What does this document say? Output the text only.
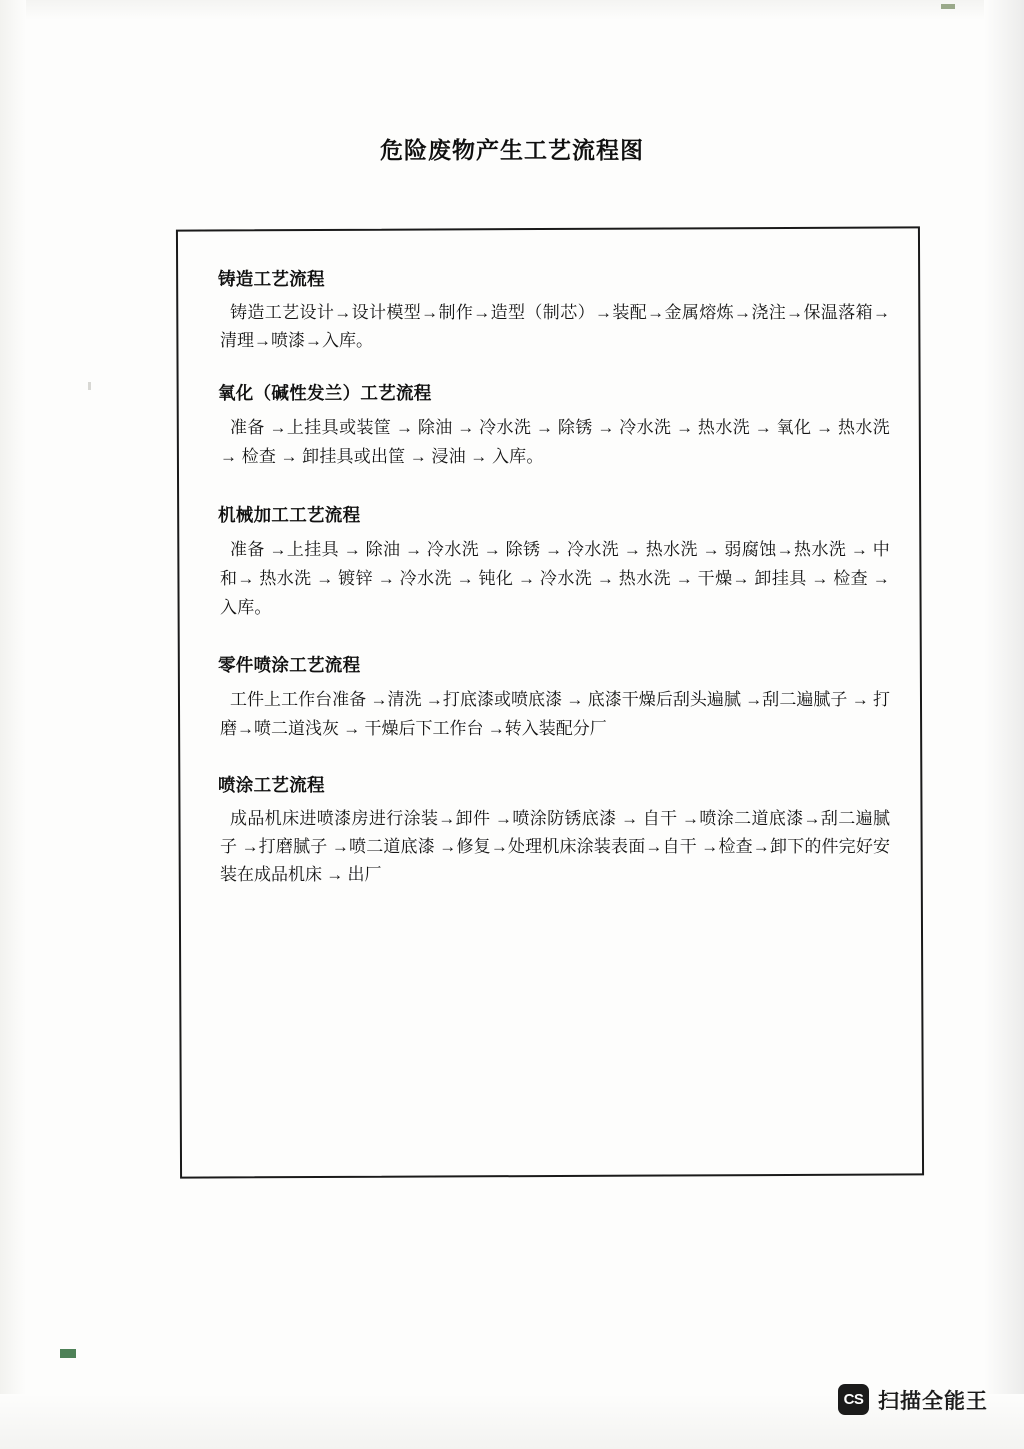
危险废物产生工艺流程图
铸造工艺流程

铸造工艺设计→设计模型→制作→造型（制芯）→装配→金属熔炼→浇注→保温落箱→清理→喷漆→入库。

氧化（碱性发兰）工艺流程

准备 →上挂具或装筐 → 除油 → 冷水洗 → 除锈 → 冷水洗 → 热水洗 → 氧化 → 热水洗 → 检查 → 卸挂具或出筐 → 浸油 → 入库。

机械加工工艺流程

准备 →上挂具 → 除油 → 冷水洗 → 除锈 → 冷水洗 → 热水洗 → 弱腐蚀→热水洗 → 中和→ 热水洗 → 镀锌 → 冷水洗 → 钝化 → 冷水洗 → 热水洗 → 干燥→ 卸挂具 → 检查 → 入库。

零件喷涂工艺流程

工件上工作台准备 →清洗 →打底漆或喷底漆 → 底漆干燥后刮头遍腻 →刮二遍腻子 → 打磨→喷二道浅灰 → 干燥后下工作台 →转入装配分厂

喷涂工艺流程

成品机床进喷漆房进行涂装→卸件 →喷涂防锈底漆 → 自干 →喷涂二道底漆→刮二遍腻子 →打磨腻子 →喷二道底漆 →修复→处理机床涂装表面→自干 →检查→卸下的件完好安装在成品机床 → 出厂

CS 扫描全能王
